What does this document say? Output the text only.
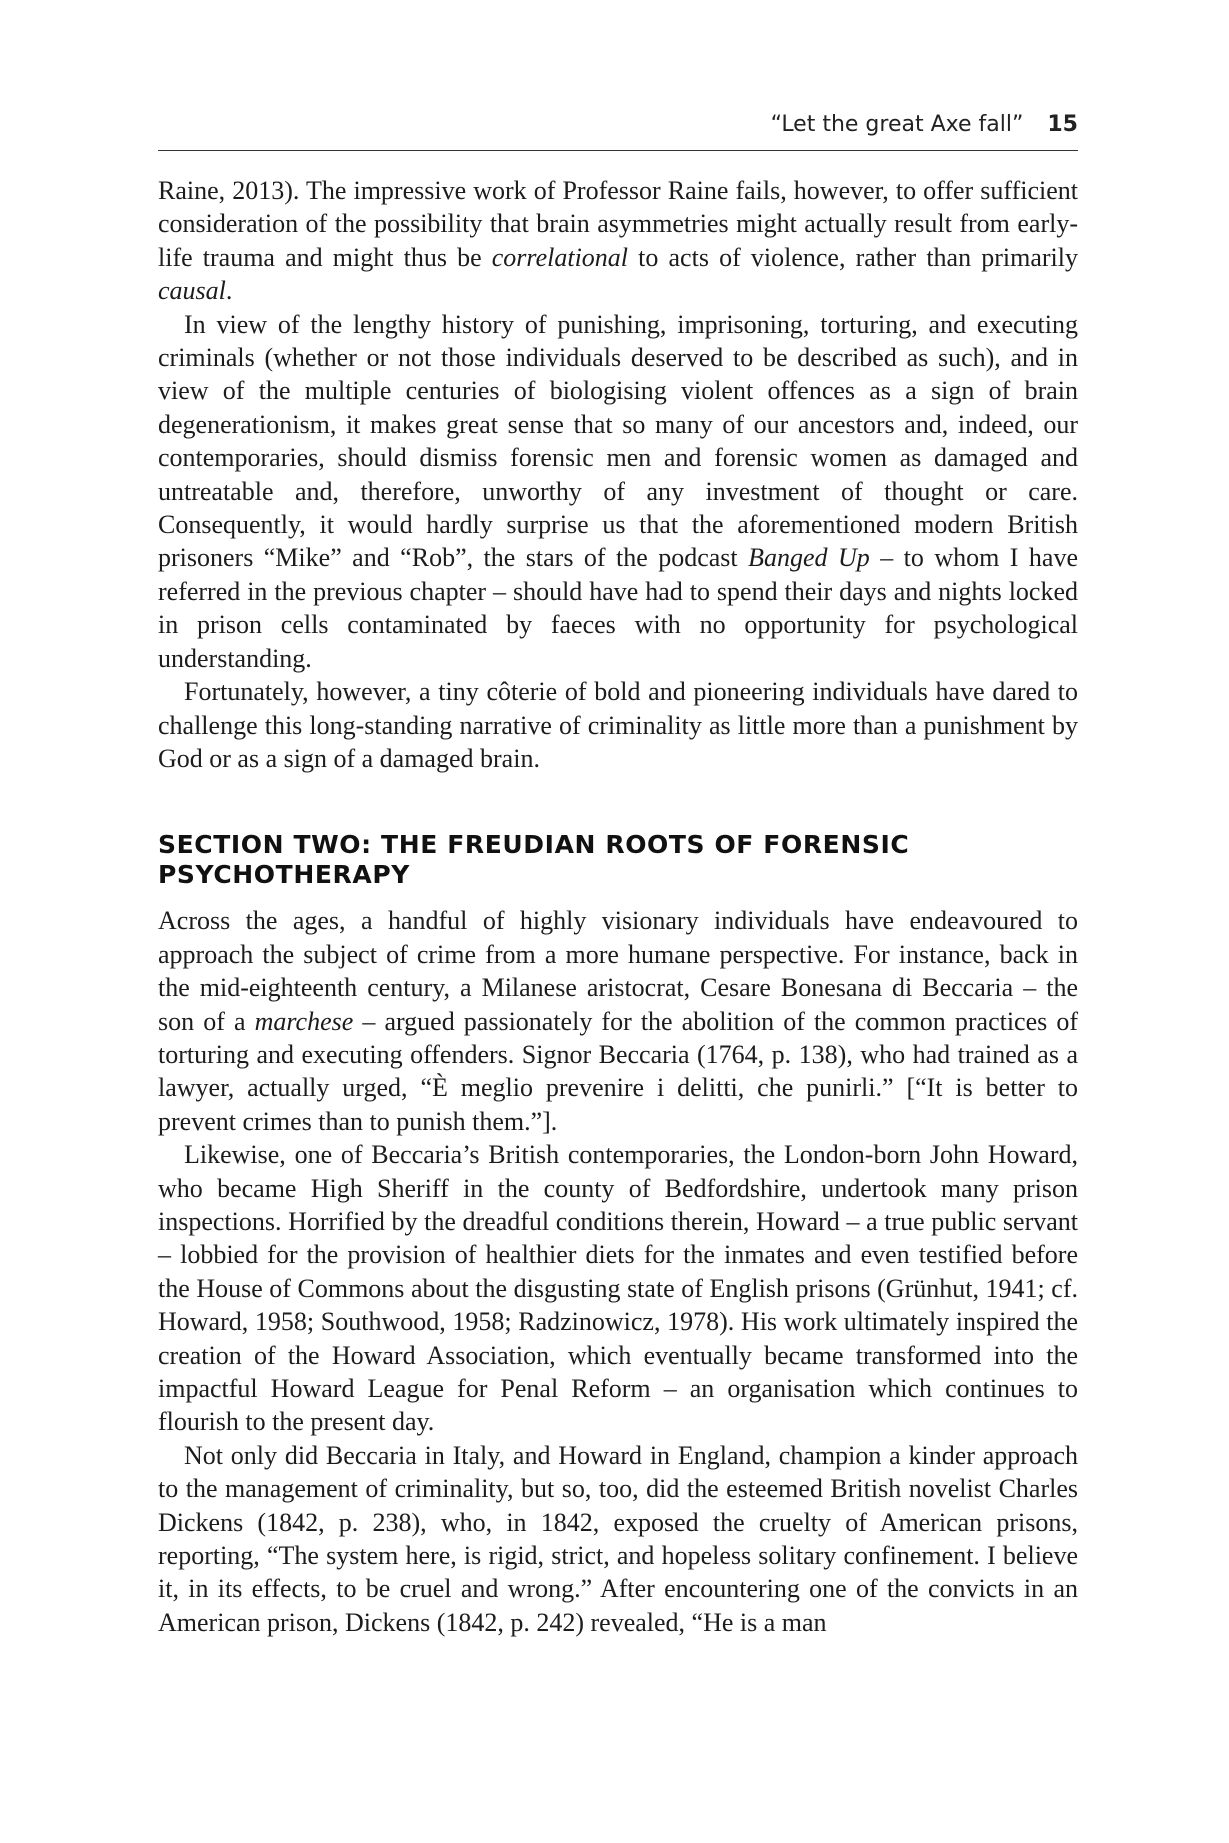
“Let the great Axe fall” 15

Raine, 2013). The impressive work of Professor Raine fails, however, to offer sufficient consideration of the possibility that brain asymmetries might actually result from early-life trauma and might thus be correlational to acts of violence, rather than primarily causal.

In view of the lengthy history of punishing, imprisoning, torturing, and executing criminals (whether or not those individuals deserved to be described as such), and in view of the multiple centuries of biologising violent offences as a sign of brain degenerationism, it makes great sense that so many of our ancestors and, indeed, our contemporaries, should dismiss forensic men and forensic women as damaged and untreatable and, therefore, unworthy of any investment of thought or care. Consequently, it would hardly surprise us that the aforementioned modern British prisoners “Mike” and “Rob”, the stars of the podcast Banged Up – to whom I have referred in the previous chapter – should have had to spend their days and nights locked in prison cells contaminated by faeces with no opportunity for psychological understanding.

Fortunately, however, a tiny côterie of bold and pioneering individuals have dared to challenge this long-standing narrative of criminality as little more than a punishment by God or as a sign of a damaged brain.

SECTION TWO: THE FREUDIAN ROOTS OF FORENSIC PSYCHOTHERAPY

Across the ages, a handful of highly visionary individuals have endeavoured to approach the subject of crime from a more humane perspective. For instance, back in the mid-eighteenth century, a Milanese aristocrat, Cesare Bonesana di Beccaria – the son of a marchese – argued passionately for the abolition of the common practices of torturing and executing offenders. Signor Beccaria (1764, p. 138), who had trained as a lawyer, actually urged, “È meglio prevenire i delitti, che punirli.” [“It is better to prevent crimes than to punish them.”].

Likewise, one of Beccaria’s British contemporaries, the London-born John Howard, who became High Sheriff in the county of Bedfordshire, undertook many prison inspections. Horrified by the dreadful conditions therein, Howard – a true public servant – lobbied for the provision of healthier diets for the inmates and even testified before the House of Commons about the disgusting state of English prisons (Grünhut, 1941; cf. Howard, 1958; Southwood, 1958; Radzinowicz, 1978). His work ultimately inspired the creation of the Howard Association, which eventually became transformed into the impactful Howard League for Penal Reform – an organisation which continues to flourish to the present day.

Not only did Beccaria in Italy, and Howard in England, champion a kinder approach to the management of criminality, but so, too, did the esteemed British novelist Charles Dickens (1842, p. 238), who, in 1842, exposed the cruelty of American prisons, reporting, “The system here, is rigid, strict, and hopeless solitary confinement. I believe it, in its effects, to be cruel and wrong.” After encountering one of the convicts in an American prison, Dickens (1842, p. 242) revealed, “He is a man
